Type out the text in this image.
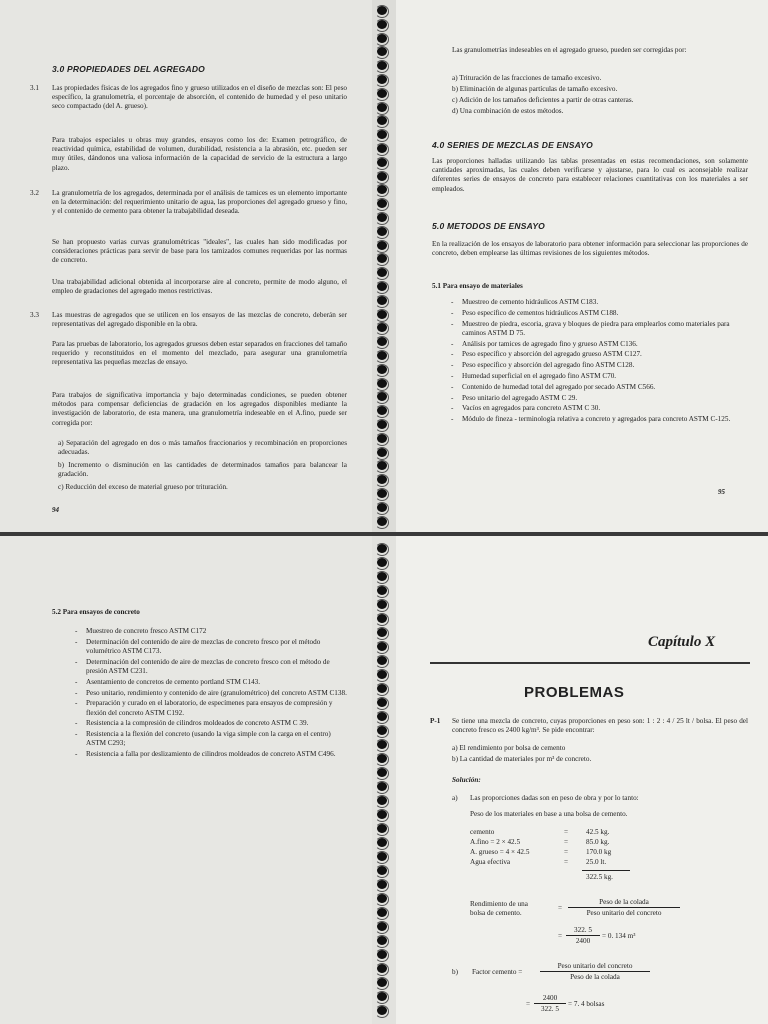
3.0 PROPIEDADES DEL AGREGADO
3.1 Las propiedades físicas de los agregados fino y grueso utilizados en el diseño de mezclas son: El peso específico, la granulometría, el porcentaje de absorción, el contenido de humedad y el peso unitario seco compactado (del A. grueso).
Para trabajos especiales u obras muy grandes, ensayos como los de: Examen petrográfico, de reactividad química, estabilidad de volumen, durabilidad, resistencia a la abrasión, etc. pueden ser muy útiles, dándonos una valiosa información de la capacidad de servicio de la estructura a largo plazo.
3.2 La granulometría de los agregados, determinada por el análisis de tamices es un elemento importante en la determinación: del requerimiento unitario de agua, las proporciones del agregado grueso y fino, y el contenido de cemento para obtener la trabajabilidad deseada.
Se han propuesto varias curvas granulométricas "ideales", las cuales han sido modificadas por consideraciones prácticas para servir de base para los tamizados comunes requeridas por las normas de concreto.
Una trabajabilidad adicional obtenida al incorporarse aire al concreto, permite de modo alguno, el empleo de gradaciones del agregado menos restrictivas.
3.3 Las muestras de agregados que se utilicen en los ensayos de las mezclas de concreto, deberán ser representativas del agregado disponible en la obra.
Para las pruebas de laboratorio, los agregados gruesos deben estar separados en fracciones del tamaño requerido y reconstituidos en el momento del mezclado, para asegurar una granulometría representativa las pequeñas mezclas de ensayo.
Para trabajos de significativa importancia y bajo determinadas condiciones, se pueden obtener métodos para compensar deficiencias de gradación en los agregados disponibles mediante la investigación de laboratorio, de esta manera, una granulometría indeseable en el A.fino, puede ser corregida por:
a) Separación del agregado en dos o más tamaños fraccionarios y recombinación en proporciones adecuadas.
b) Incremento o disminución en las cantidades de determinados tamaños para balancear la gradación.
c) Reducción del exceso de material grueso por trituración.
94
Las granulometrías indeseables en el agregado grueso, pueden ser corregidas por:
a) Trituración de las fracciones de tamaño excesivo.
b) Eliminación de algunas partículas de tamaño excesivo.
c) Adición de los tamaños deficientes a partir de otras canteras.
d) Una combinación de estos métodos.
4.0 SERIES DE MEZCLAS DE ENSAYO
Las proporciones halladas utilizando las tablas presentadas en estas recomendaciones, son solamente cantidades aproximadas, las cuales deben verificarse y ajustarse, para lo cual es aconsejable realizar diferentes series de ensayos de concreto para establecer relaciones cuantitativas con los materiales a ser empleados.
5.0 METODOS DE ENSAYO
En la realización de los ensayos de laboratorio para obtener información para seleccionar las proporciones de concreto, deben emplearse las últimas revisiones de los siguientes métodos.
5.1 Para ensayo de materiales
- Muestreo de cemento hidráulicos ASTM C183.
- Peso específico de cementos hidráulicos ASTM C188.
- Muestreo de piedra, escoria, grava y bloques de piedra para emplearlos como materiales para caminos ASTM D 75.
- Análisis por tamices de agregado fino y grueso ASTM C136.
- Peso específico y absorción del agregado grueso ASTM C127.
- Peso específico y absorción del agregado fino ASTM C128.
- Humedad superficial en el agregado fino ASTM C70.
- Contenido de humedad total del agregado por secado ASTM C566.
- Peso unitario del agregado ASTM C 29.
- Vacíos en agregados para concreto ASTM C 30.
- Módulo de fineza - terminología relativa a concreto y agregados para concreto ASTM C-125.
95
5.2 Para ensayos de concreto
- Muestreo de concreto fresco ASTM C172
- Determinación del contenido de aire de mezclas de concreto fresco por el método volumétrico ASTM C173.
- Determinación del contenido de aire de mezclas de concreto fresco con el método de presión ASTM C231.
- Asentamiento de concretos de cemento portland STM C143.
- Peso unitario, rendimiento y contenido de aire (granulométrico) del concreto ASTM C138.
- Preparación y curado en el laboratorio, de especímenes para ensayos de compresión y flexión del concreto ASTM C192.
- Resistencia a la compresión de cilindros moldeados de concreto ASTM C 39.
- Resistencia a la flexión del concreto (usando la viga simple con la carga en el centro) ASTM C293;
- Resistencia a falla por deslizamiento de cilindros moldeados de concreto ASTM C496.
Capítulo X
PROBLEMAS
P-1 Se tiene una mezcla de concreto, cuyas proporciones en peso son: 1 : 2 : 4 / 25 lt / bolsa. El peso del concreto fresco es 2400 kg/m³. Se pide encontrar:
a) El rendimiento por bolsa de cemento
b) La cantidad de materiales por m³ de concreto.
Solución:
a) Las proporciones dadas son en peso de obra y por lo tanto:
Peso de los materiales en base a una bolsa de cemento.
cemento	= 42.5 kg.
A.fino = 2 × 42.5	= 85.0 kg.
A. grueso = 4 × 42.5	= 170.0 kg
Agua efectiva	= 25.0 lt.
322.5 kg.
Rendimiento de una
bolsa de cemento.
=
Peso de la colada
Peso unitario del concreto
= $\frac{322. 5}{2400} = 0$. 134 m³
b) Factor cemento =
Peso unitario del concreto
Peso de la colada
= $\frac{2400}{322. 5} = 7$. 4 bolsas
